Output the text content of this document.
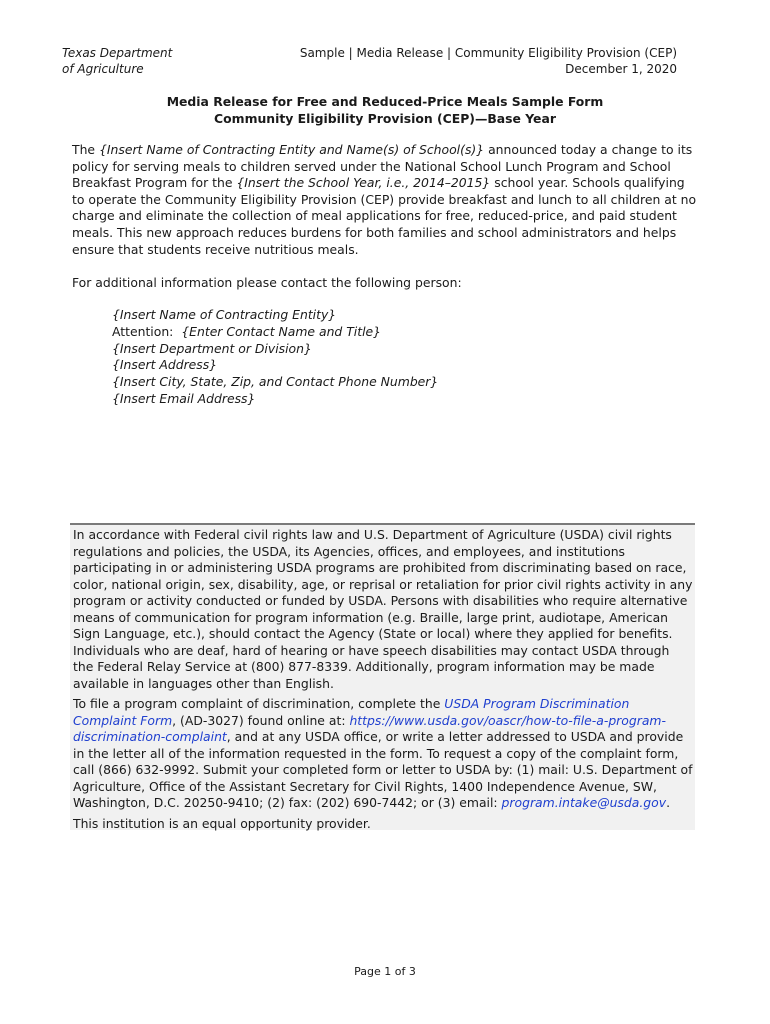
Texas Department
of Agriculture
Sample | Media Release | Community Eligibility Provision (CEP)
December 1, 2020
Media Release for Free and Reduced-Price Meals Sample Form
Community Eligibility Provision (CEP)—Base Year
The {Insert Name of Contracting Entity and Name(s) of School(s)} announced today a change to its policy for serving meals to children served under the National School Lunch Program and School Breakfast Program for the {Insert the School Year, i.e., 2014–2015} school year. Schools qualifying to operate the Community Eligibility Provision (CEP) provide breakfast and lunch to all children at no charge and eliminate the collection of meal applications for free, reduced-price, and paid student meals. This new approach reduces burdens for both families and school administrators and helps ensure that students receive nutritious meals.
For additional information please contact the following person:
{Insert Name of Contracting Entity}
Attention: {Enter Contact Name and Title}
{Insert Department or Division}
{Insert Address}
{Insert City, State, Zip, and Contact Phone Number}
{Insert Email Address}

In accordance with Federal civil rights law and U.S. Department of Agriculture (USDA) civil rights regulations and policies, the USDA, its Agencies, offices, and employees, and institutions participating in or administering USDA programs are prohibited from discriminating based on race, color, national origin, sex, disability, age, or reprisal or retaliation for prior civil rights activity in any program or activity conducted or funded by USDA. Persons with disabilities who require alternative means of communication for program information (e.g. Braille, large print, audiotape, American Sign Language, etc.), should contact the Agency (State or local) where they applied for benefits. Individuals who are deaf, hard of hearing or have speech disabilities may contact USDA through the Federal Relay Service at (800) 877-8339. Additionally, program information may be made available in languages other than English.

To file a program complaint of discrimination, complete the USDA Program Discrimination Complaint Form, (AD-3027) found online at: https://www.usda.gov/oascr/how-to-file-a-program-discrimination-complaint, and at any USDA office, or write a letter addressed to USDA and provide in the letter all of the information requested in the form. To request a copy of the complaint form, call (866) 632-9992. Submit your completed form or letter to USDA by: (1) mail: U.S. Department of Agriculture, Office of the Assistant Secretary for Civil Rights, 1400 Independence Avenue, SW, Washington, D.C. 20250-9410; (2) fax: (202) 690-7442; or (3) email: program.intake@usda.gov.

This institution is an equal opportunity provider.

Page 1 of 3
